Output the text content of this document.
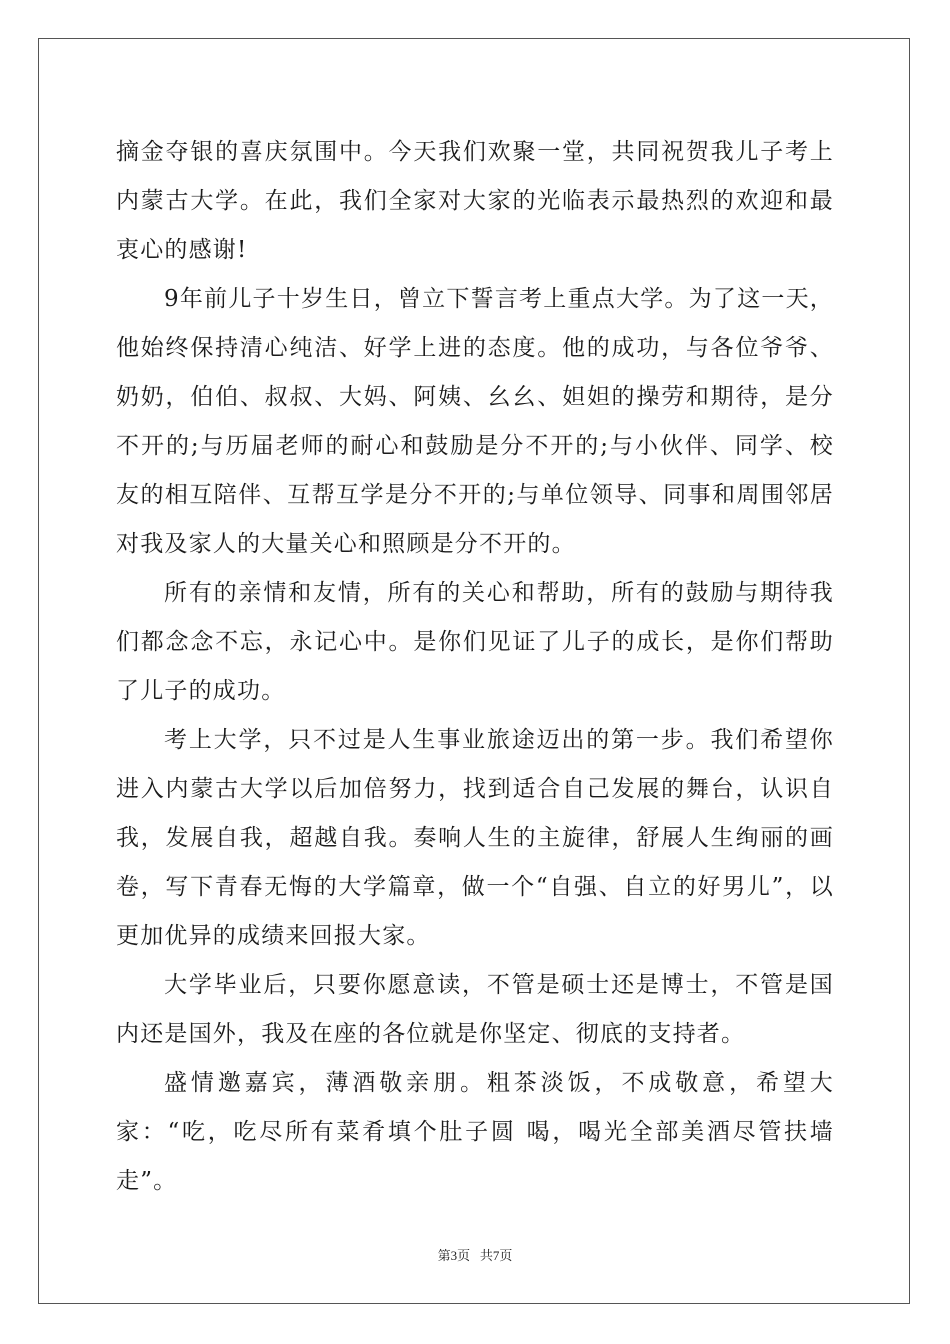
摘金夺银的喜庆氛围中。今天我们欢聚一堂，共同祝贺我儿子考上内蒙古大学。在此，我们全家对大家的光临表示最热烈的欢迎和最衷心的感谢!

9年前儿子十岁生日，曾立下誓言考上重点大学。为了这一天，他始终保持清心纯洁、好学上进的态度。他的成功，与各位爷爷、奶奶，伯伯、叔叔、大妈、阿姨、幺幺、妲妲的操劳和期待，是分不开的;与历届老师的耐心和鼓励是分不开的;与小伙伴、同学、校友的相互陪伴、互帮互学是分不开的;与单位领导、同事和周围邻居对我及家人的大量关心和照顾是分不开的。

所有的亲情和友情，所有的关心和帮助，所有的鼓励与期待我们都念念不忘，永记心中。是你们见证了儿子的成长，是你们帮助了儿子的成功。

考上大学，只不过是人生事业旅途迈出的第一步。我们希望你进入内蒙古大学以后加倍努力，找到适合自己发展的舞台，认识自我，发展自我，超越自我。奏响人生的主旋律，舒展人生绚丽的画卷，写下青春无悔的大学篇章，做一个“自强、自立的好男儿”，以更加优异的成绩来回报大家。

大学毕业后，只要你愿意读，不管是硕士还是博士，不管是国内还是国外，我及在座的各位就是你坚定、彻底的支持者。

盛情邀嘉宾，薄酒敬亲朋。粗茶淡饭，不成敬意，希望大家：“吃，吃尽所有菜肴填个肚子圆 喝，喝光全部美酒尽管扶墙走”。

第3页   共7页
